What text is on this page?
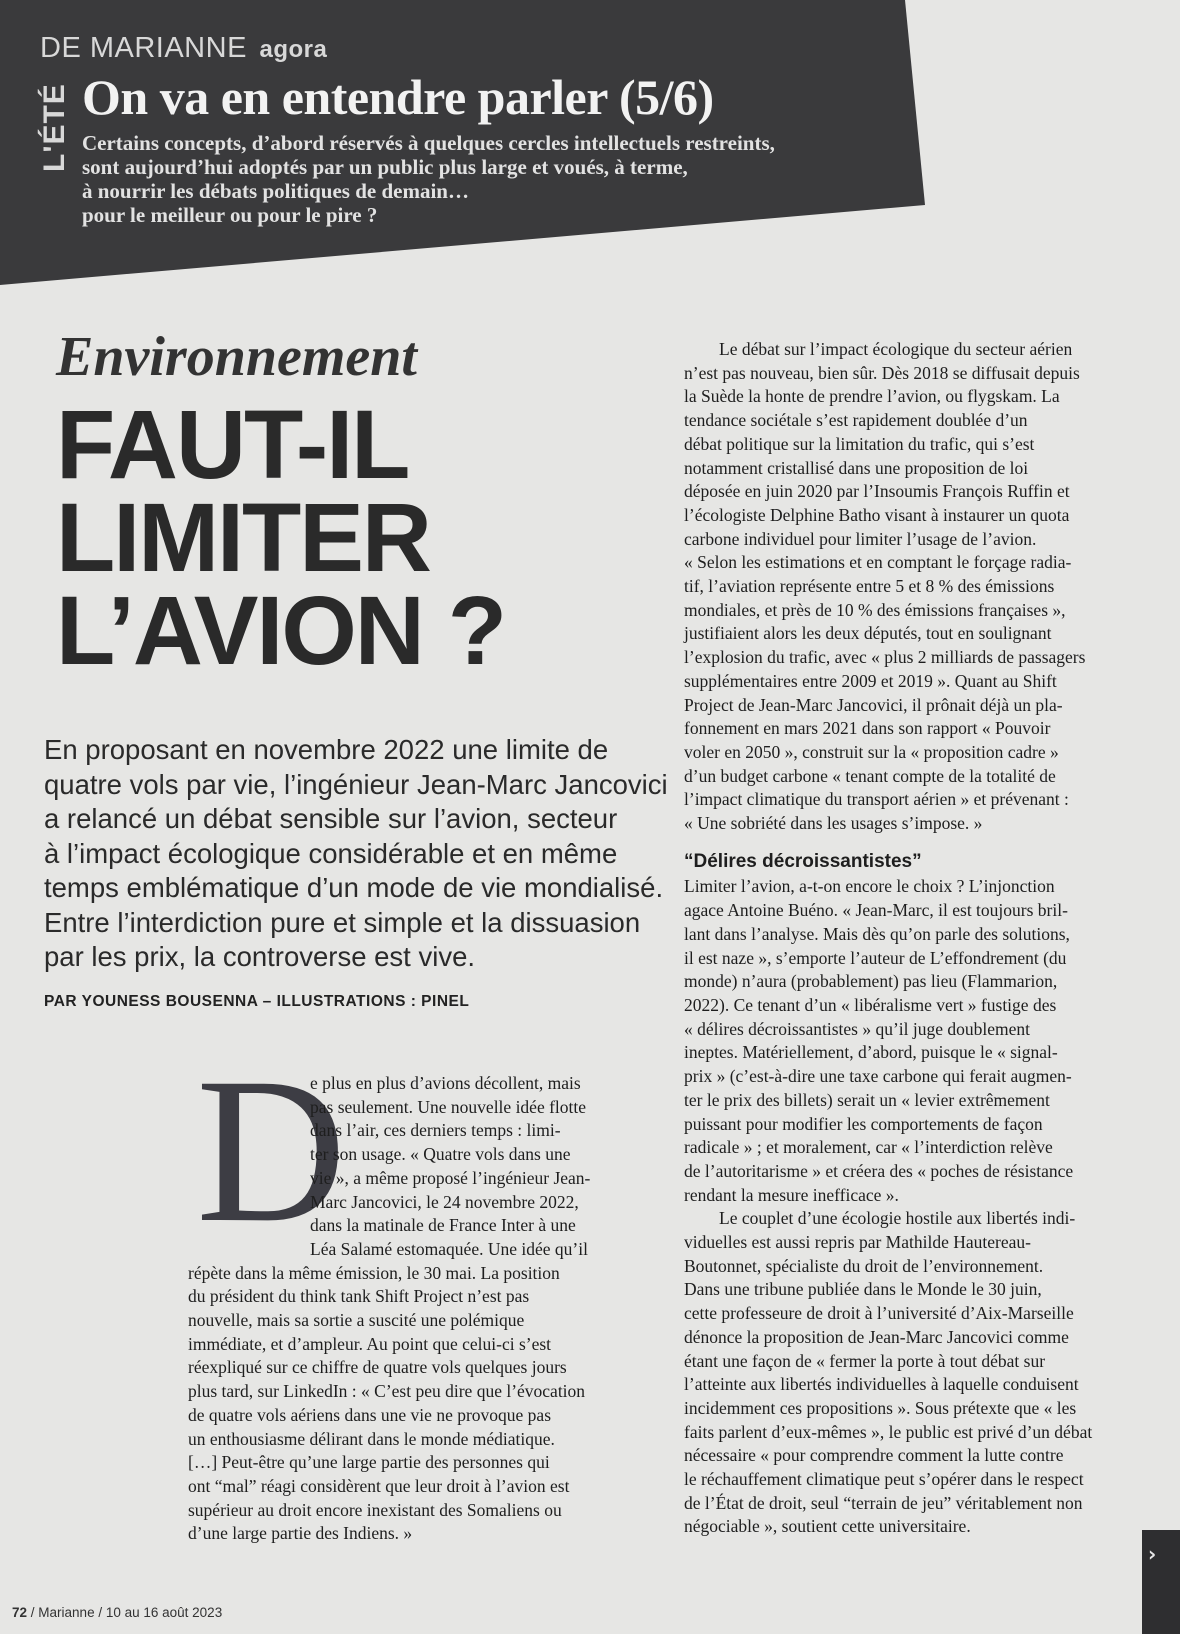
DE MARIANNE agora
L'ÉTÉ On va en entendre parler (5/6)
Certains concepts, d’abord réservés à quelques cercles intellectuels restreints,
sont aujourd’hui adoptés par un public plus large et voués, à terme,
à nourrir les débats politiques de demain…
pour le meilleur ou pour le pire ?
Environnement
FAUT-IL
LIMITER
L’AVION ?
En proposant en novembre 2022 une limite de
quatre vols par vie, l’ingénieur Jean-Marc Jancovici
a relancé un débat sensible sur l’avion, secteur
à l’impact écologique considérable et en même
temps emblématique d’un mode de vie mondialisé.
Entre l’interdiction pure et simple et la dissuasion
par les prix, la controverse est vive.
PAR YOUNESS BOUSENNA – ILLUSTRATIONS : PINEL
D
e plus en plus d’avions décollent, mais
pas seulement. Une nouvelle idée flotte
dans l’air, ces derniers temps : limi-
ter son usage. « Quatre vols dans une
vie », a même proposé l’ingénieur Jean-
Marc Jancovici, le 24 novembre 2022,
dans la matinale de France Inter à une
Léa Salamé estomaquée. Une idée qu’il
répète dans la même émission, le 30 mai. La position
du président du think tank Shift Project n’est pas
nouvelle, mais sa sortie a suscité une polémique
immédiate, et d’ampleur. Au point que celui-ci s’est
réexpliqué sur ce chiffre de quatre vols quelques jours
plus tard, sur LinkedIn : « C’est peu dire que l’évocation
de quatre vols aériens dans une vie ne provoque pas
un enthousiasme délirant dans le monde médiatique.
[…] Peut-être qu’une large partie des personnes qui
ont “mal” réagi considèrent que leur droit à l’avion est
supérieur au droit encore inexistant des Somaliens ou
d’une large partie des Indiens. »
  Le débat sur l’impact écologique du secteur aérien
n’est pas nouveau, bien sûr. Dès 2018 se diffusait depuis
la Suède la honte de prendre l’avion, ou flygskam. La
tendance sociétale s’est rapidement doublée d’un
débat politique sur la limitation du trafic, qui s’est
notamment cristallisé dans une proposition de loi
déposée en juin 2020 par l’Insoumis François Ruffin et
l’écologiste Delphine Batho visant à instaurer un quota
carbone individuel pour limiter l’usage de l’avion.
« Selon les estimations et en comptant le forçage radia-
tif, l’aviation représente entre 5 et 8 % des émissions
mondiales, et près de 10 % des émissions françaises »,
justifiaient alors les deux députés, tout en soulignant
l’explosion du trafic, avec « plus 2 milliards de passagers
supplémentaires entre 2009 et 2019 ». Quant au Shift
Project de Jean-Marc Jancovici, il prônait déjà un pla-
fonnement en mars 2021 dans son rapport « Pouvoir
voler en 2050 », construit sur la « proposition cadre »
d’un budget carbone « tenant compte de la totalité de
l’impact climatique du transport aérien » et prévenant :
« Une sobriété dans les usages s’impose. »
“Délires décroissantistes”
Limiter l’avion, a-t-on encore le choix ? L’injonction
agace Antoine Buéno. « Jean-Marc, il est toujours bril-
lant dans l’analyse. Mais dès qu’on parle des solutions,
il est naze », s’emporte l’auteur de L’effondrement (du
monde) n’aura (probablement) pas lieu (Flammarion,
2022). Ce tenant d’un « libéralisme vert » fustige des
« délires décroissantistes » qu’il juge doublement
ineptes. Matériellement, d’abord, puisque le « signal-
prix » (c’est-à-dire une taxe carbone qui ferait augmen-
ter le prix des billets) serait un « levier extrêmement
puissant pour modifier les comportements de façon
radicale » ; et moralement, car « l’interdiction relève
de l’autoritarisme » et créera des « poches de résistance
rendant la mesure inefficace ».
  Le couplet d’une écologie hostile aux libertés indi-
viduelles est aussi repris par Mathilde Hautereau-
Boutonnet, spécialiste du droit de l’environnement.
Dans une tribune publiée dans le Monde le 30 juin,
cette professeure de droit à l’université d’Aix-Marseille
dénonce la proposition de Jean-Marc Jancovici comme
étant une façon de « fermer la porte à tout débat sur
l’atteinte aux libertés individuelles à laquelle conduisent
incidemment ces propositions ». Sous prétexte que « les
faits parlent d’eux-mêmes », le public est privé d’un débat
nécessaire « pour comprendre comment la lutte contre
le réchauffement climatique peut s’opérer dans le respect
de l’État de droit, seul “terrain de jeu” véritablement non
négociable », soutient cette universitaire.
72 / Marianne / 10 au 16 août 2023
›
